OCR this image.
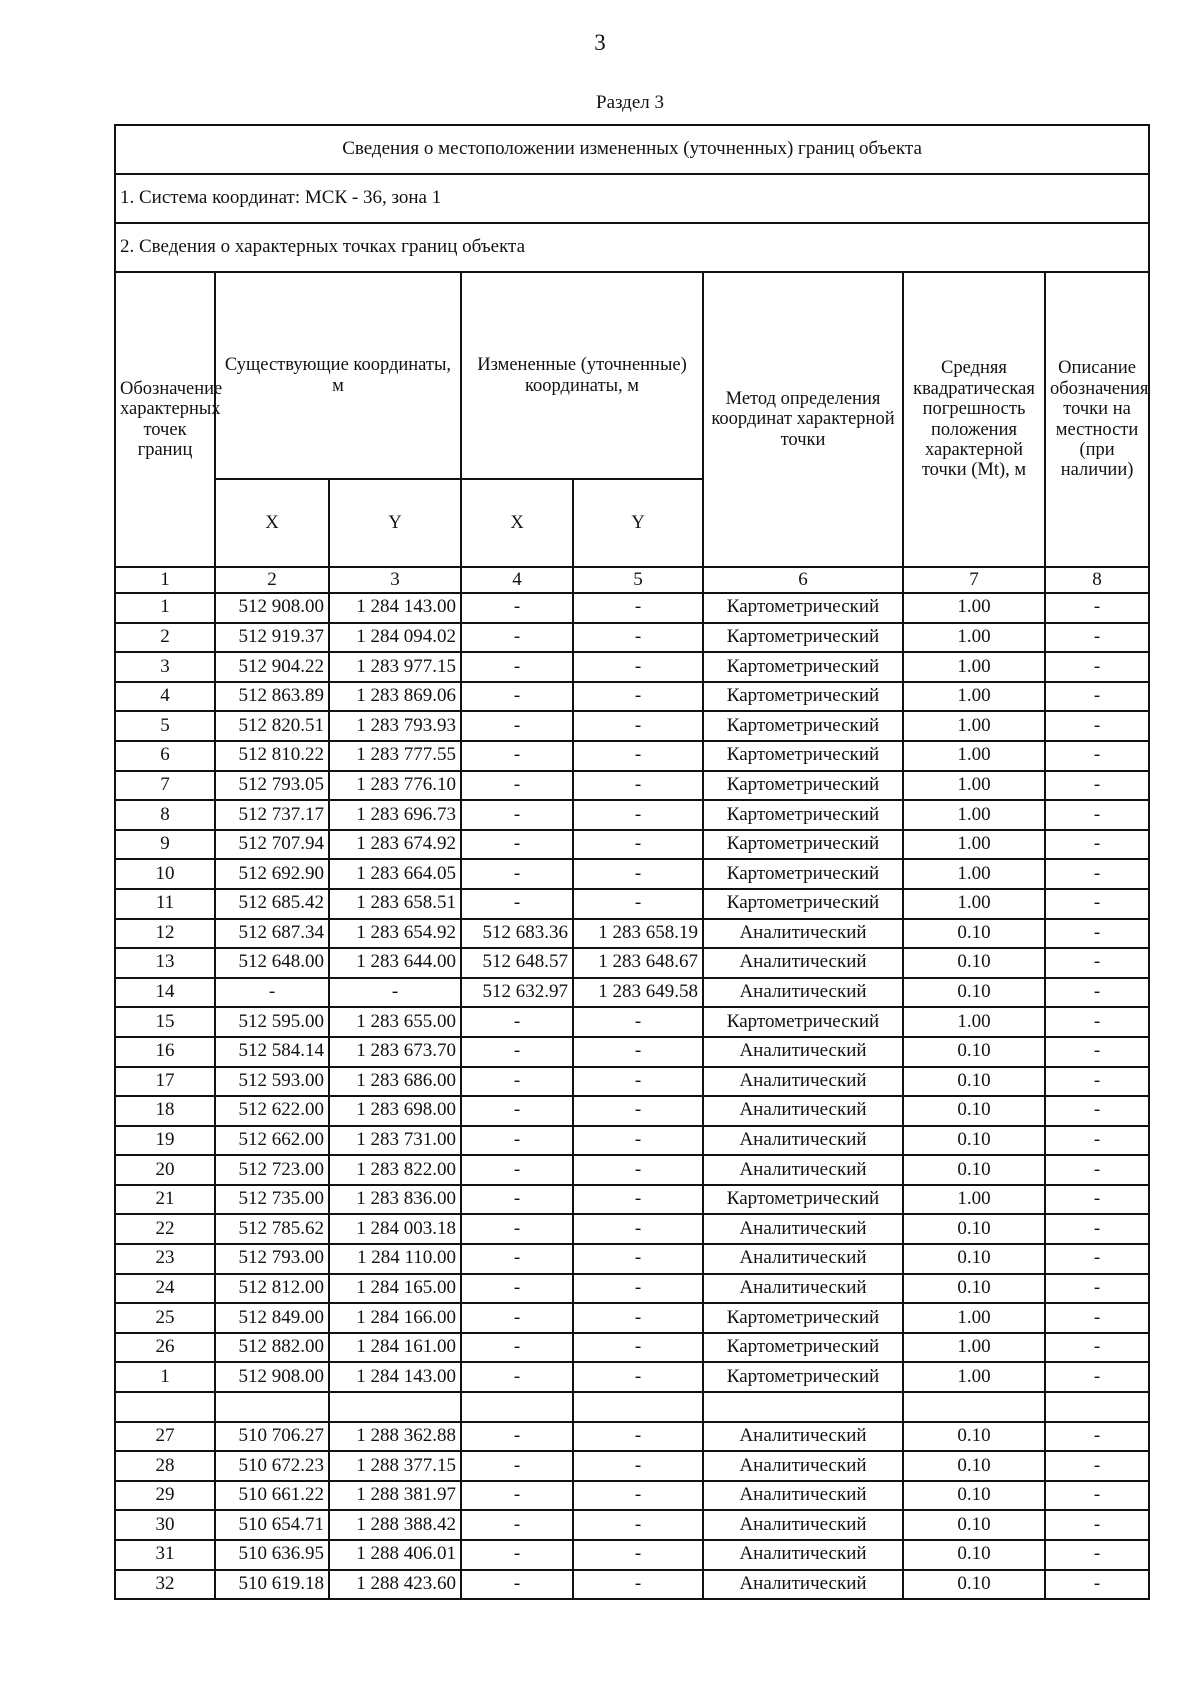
3
Раздел 3
Сведения о местоположении измененных (уточненных) границ объекта							
1. Система координат: МСК - 36, зона 1							
2. Сведения о характерных точках границ объекта							
Обозначение характерных точек границ	Существующие координаты, м		Измененные (уточненные) координаты, м		Метод определения координат характерной точки	Средняя квадратическая погрешность положения характерной точки (Mt), м	Описание обозначения точки на местности (при наличии)
	X	Y	X	Y			
1	2	3	4	5	6	7	8
1	512 908.00	1 284 143.00	-	-	Картометрический	1.00	-
2	512 919.37	1 284 094.02	-	-	Картометрический	1.00	-
3	512 904.22	1 283 977.15	-	-	Картометрический	1.00	-
4	512 863.89	1 283 869.06	-	-	Картометрический	1.00	-
5	512 820.51	1 283 793.93	-	-	Картометрический	1.00	-
6	512 810.22	1 283 777.55	-	-	Картометрический	1.00	-
7	512 793.05	1 283 776.10	-	-	Картометрический	1.00	-
8	512 737.17	1 283 696.73	-	-	Картометрический	1.00	-
9	512 707.94	1 283 674.92	-	-	Картометрический	1.00	-
10	512 692.90	1 283 664.05	-	-	Картометрический	1.00	-
11	512 685.42	1 283 658.51	-	-	Картометрический	1.00	-
12	512 687.34	1 283 654.92	512 683.36	1 283 658.19	Аналитический	0.10	-
13	512 648.00	1 283 644.00	512 648.57	1 283 648.67	Аналитический	0.10	-
14	-	-	512 632.97	1 283 649.58	Аналитический	0.10	-
15	512 595.00	1 283 655.00	-	-	Картометрический	1.00	-
16	512 584.14	1 283 673.70	-	-	Аналитический	0.10	-
17	512 593.00	1 283 686.00	-	-	Аналитический	0.10	-
18	512 622.00	1 283 698.00	-	-	Аналитический	0.10	-
19	512 662.00	1 283 731.00	-	-	Аналитический	0.10	-
20	512 723.00	1 283 822.00	-	-	Аналитический	0.10	-
21	512 735.00	1 283 836.00	-	-	Картометрический	1.00	-
22	512 785.62	1 284 003.18	-	-	Аналитический	0.10	-
23	512 793.00	1 284 110.00	-	-	Аналитический	0.10	-
24	512 812.00	1 284 165.00	-	-	Аналитический	0.10	-
25	512 849.00	1 284 166.00	-	-	Картометрический	1.00	-
26	512 882.00	1 284 161.00	-	-	Картометрический	1.00	-
1	512 908.00	1 284 143.00	-	-	Картометрический	1.00	-

27	510 706.27	1 288 362.88	-	-	Аналитический	0.10	-
28	510 672.23	1 288 377.15	-	-	Аналитический	0.10	-
29	510 661.22	1 288 381.97	-	-	Аналитический	0.10	-
30	510 654.71	1 288 388.42	-	-	Аналитический	0.10	-
31	510 636.95	1 288 406.01	-	-	Аналитический	0.10	-
32	510 619.18	1 288 423.60	-	-	Аналитический	0.10	-
